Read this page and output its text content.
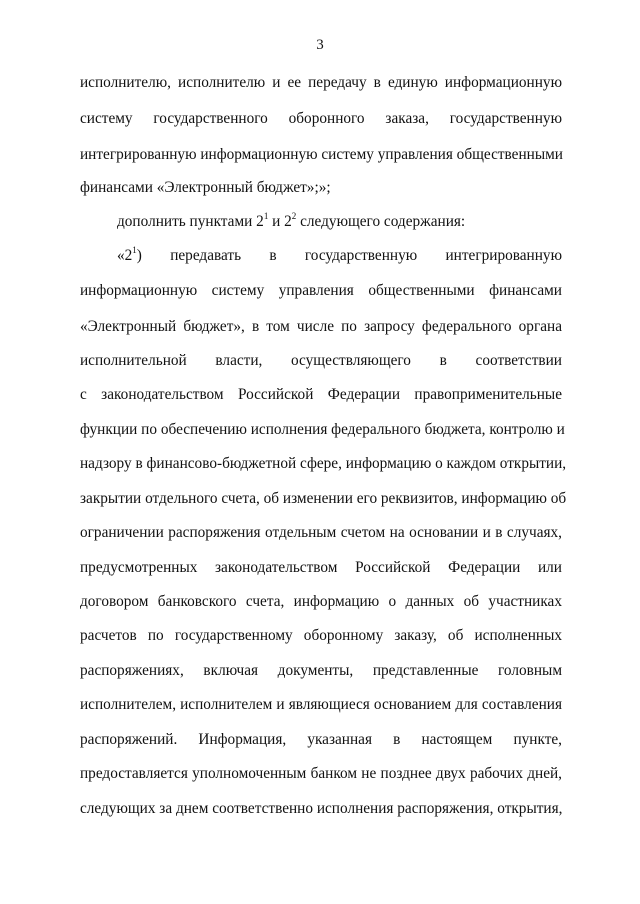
3
исполнителю, исполнителю и ее передачу в единую информационную
систему государственного оборонного заказа, государственную
интегрированную информационную систему управления общественными
финансами «Электронный бюджет»;»;
дополнить пунктами $2^1$ и $2^2$ следующего содержания:
«$2^1$) передавать в государственную интегрированную
информационную систему управления общественными финансами
«Электронный бюджет», в том числе по запросу федерального органа
исполнительной власти, осуществляющего в соответствии
с законодательством Российской Федерации правоприменительные
функции по обеспечению исполнения федерального бюджета, контролю и
надзору в финансово-бюджетной сфере, информацию о каждом открытии,
закрытии отдельного счета, об изменении его реквизитов, информацию об
ограничении распоряжения отдельным счетом на основании и в случаях,
предусмотренных законодательством Российской Федерации или
договором банковского счета, информацию о данных об участниках
расчетов по государственному оборонному заказу, об исполненных
распоряжениях, включая документы, представленные головным
исполнителем, исполнителем и являющиеся основанием для составления
распоряжений. Информация, указанная в настоящем пункте,
предоставляется уполномоченным банком не позднее двух рабочих дней,
следующих за днем соответственно исполнения распоряжения, открытия,
